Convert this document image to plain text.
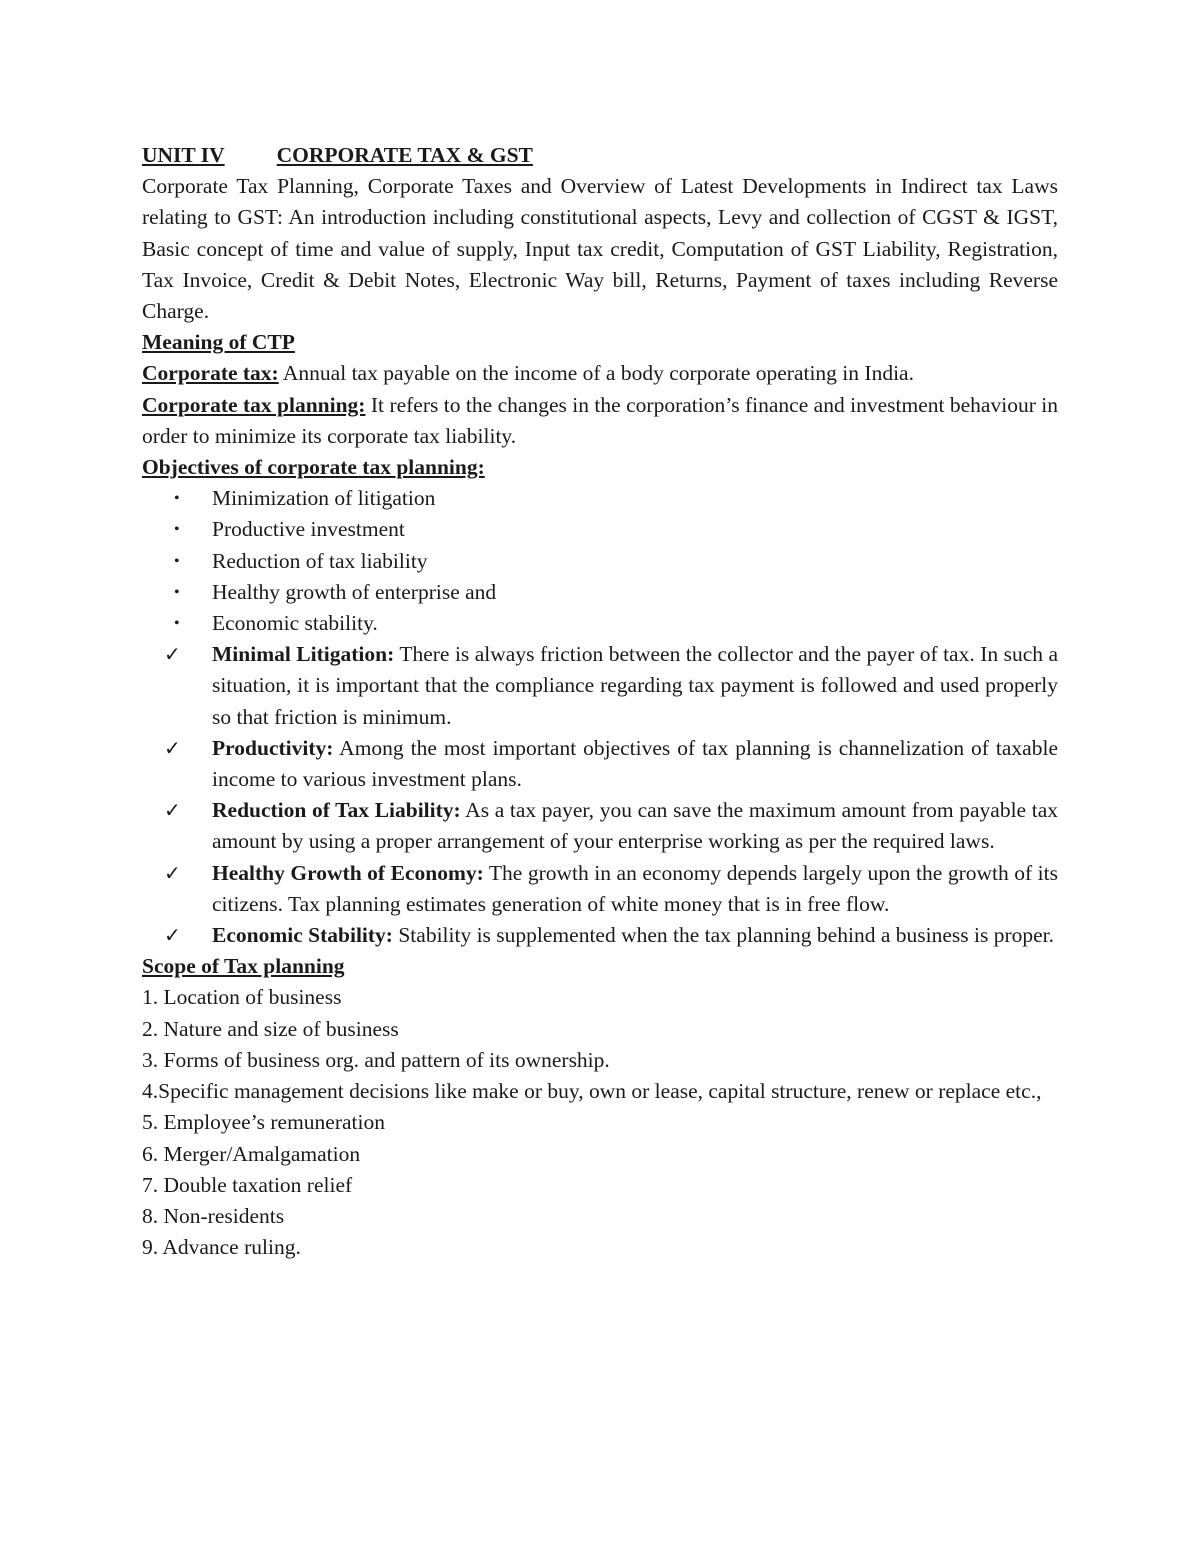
UNIT IV CORPORATE TAX & GST

Corporate Tax Planning, Corporate Taxes and Overview of Latest Developments in Indirect tax Laws relating to GST: An introduction including constitutional aspects, Levy and collection of CGST & IGST, Basic concept of time and value of supply, Input tax credit, Computation of GST Liability, Registration, Tax Invoice, Credit & Debit Notes, Electronic Way bill, Returns, Payment of taxes including Reverse Charge.

Meaning of CTP

Corporate tax: Annual tax payable on the income of a body corporate operating in India.

Corporate tax planning: It refers to the changes in the corporation’s finance and investment behaviour in order to minimize its corporate tax liability.

Objectives of corporate tax planning:

• Minimization of litigation
• Productive investment
• Reduction of tax liability
• Healthy growth of enterprise and
• Economic stability.
✓ Minimal Litigation: There is always friction between the collector and the payer of tax. In such a situation, it is important that the compliance regarding tax payment is followed and used properly so that friction is minimum.
✓ Productivity: Among the most important objectives of tax planning is channelization of taxable income to various investment plans.
✓ Reduction of Tax Liability: As a tax payer, you can save the maximum amount from payable tax amount by using a proper arrangement of your enterprise working as per the required laws.
✓ Healthy Growth of Economy: The growth in an economy depends largely upon the growth of its citizens. Tax planning estimates generation of white money that is in free flow.
✓ Economic Stability: Stability is supplemented when the tax planning behind a business is proper.

Scope of Tax planning

1. Location of business

2. Nature and size of business

3. Forms of business org. and pattern of its ownership.

4.Specific management decisions like make or buy, own or lease, capital structure, renew or replace etc.,

5. Employee’s remuneration

6. Merger/Amalgamation

7. Double taxation relief

8. Non-residents

9. Advance ruling.
